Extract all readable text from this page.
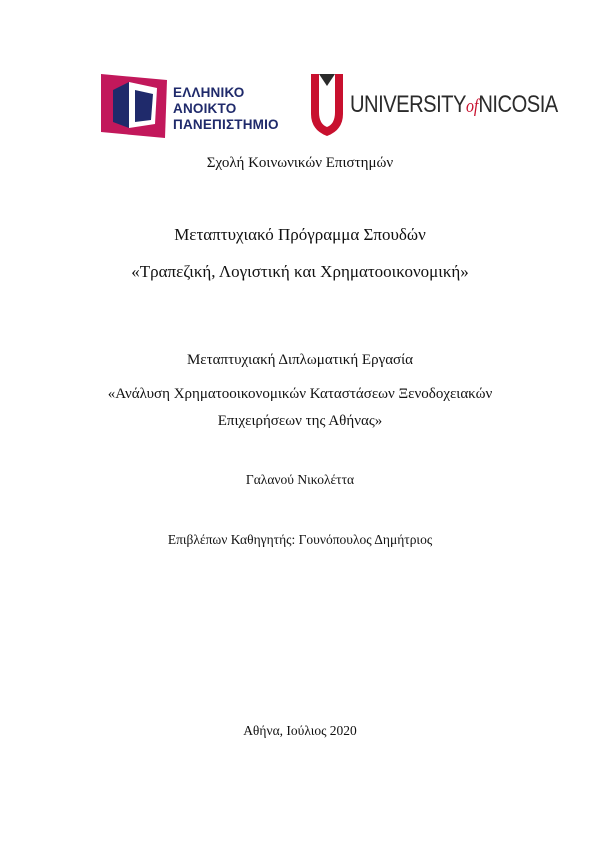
ΕΛΛΗΝΙΚΟ
ΑΝΟΙΚΤΟ
ΠΑΝΕΠΙΣΤΗΜΙΟ
UNIVERSITYofNICOSIA
Σχολή Κοινωνικών Επιστημών
Μεταπτυχιακό Πρόγραμμα Σπουδών
«Τραπεζική, Λογιστική και Χρηματοοικονομική»
Μεταπτυχιακή Διπλωματική Εργασία
«Ανάλυση Χρηματοοικονομικών Καταστάσεων Ξενοδοχειακών
Επιχειρήσεων της Αθήνας»
Γαλανού Νικολέττα
Επιβλέπων Καθηγητής: Γουνόπουλος Δημήτριος
Αθήνα, Ιούλιος 2020
